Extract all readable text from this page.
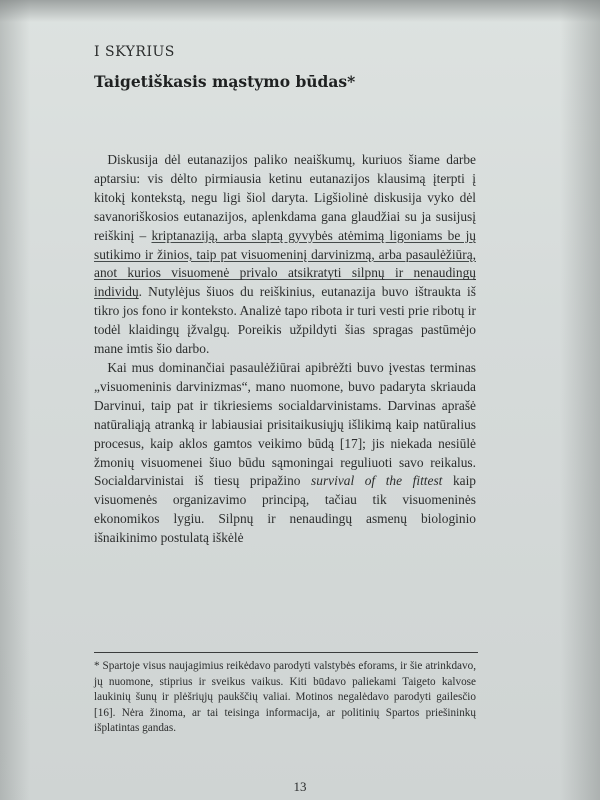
I SKYRIUS
Taigetiškasis mąstymo būdas*

 Diskusija dėl eutanazijos paliko neaiškumų, kuriuos šiame darbe aptarsiu: vis dėlto pirmiausia ketinu eutanazijos klausimą įterpti į kitokį kontekstą, negu ligi šiol daryta. Ligšiolinė diskusija vyko dėl savanoriškosios eutanazijos, aplenkdama gana glaudžiai su ja susijusį reiškinį – kriptanaziją, arba slaptą gyvybės atėmimą ligoniams be jų sutikimo ir žinios, taip pat visuomeninį darvinizmą, arba pasaulėžiūrą, anot kurios visuomenė privalo atsikratyti silpnų ir nenaudingų individų. Nutylėjus šiuos du reiškinius, eutanazija buvo ištraukta iš tikro jos fono ir konteksto. Analizė tapo ribota ir turi vesti prie ribotų ir todėl klaidingų įžvalgų. Poreikis užpildyti šias spragas pastūmėjo mane imtis šio darbo.

 Kai mus dominančiai pasaulėžiūrai apibrėžti buvo įvestas terminas „visuomeninis darvinizmas“, mano nuomone, buvo padaryta skriauda Darvinui, taip pat ir tikriesiems socialdarvinistams. Darvinas aprašė natūraliąją atranką ir labiausiai prisitaikusiųjų išlikimą kaip natūralius procesus, kaip aklos gamtos veikimo būdą [17]; jis niekada nesiūlė žmonių visuomenei šiuo būdu sąmoningai reguliuoti savo reikalus. Socialdarvinistai iš tiesų pripažino survival of the fittest kaip visuomenės organizavimo principą, tačiau tik visuomeninės ekonomikos lygiu. Silpnų ir nenaudingų asmenų biologinio išnaikinimo postulatą iškėlė

* Spartoje visus naujagimius reikėdavo parodyti valstybės eforams, ir šie atrinkdavo, jų nuomone, stiprius ir sveikus vaikus. Kiti būdavo paliekami Taigeto kalvose laukinių šunų ir plėšriųjų paukščių valiai. Motinos negalėdavo parodyti gailesčio [16]. Nėra žinoma, ar tai teisinga informacija, ar politinių Spartos priešininkų išplatintas gandas.

13
